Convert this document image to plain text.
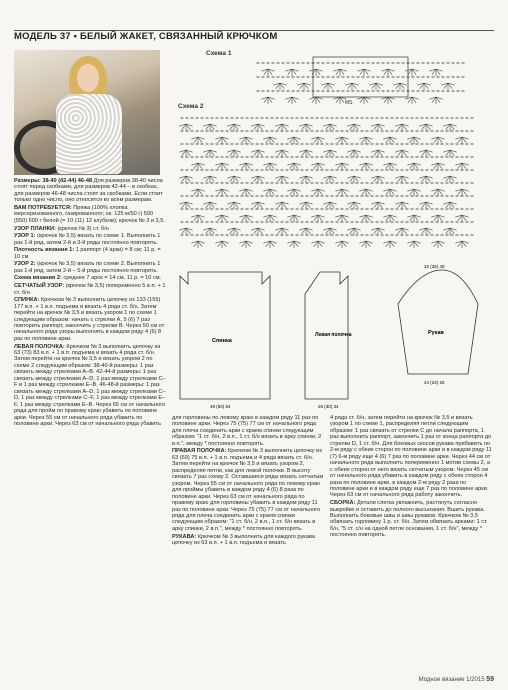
МОДЕЛЬ 37 • БЕЛЫЙ ЖАКЕТ, СВЯЗАННЫЙ КРЮЧКОМ
Схема 1
МS
Схема 2
Спинка
48 (50) 64
Левая полочка
26 (30) 34
Рукав
24 (24) 26
32 (36) 40

Размеры: 38-40 (42-44) 46-48 Для размеров 38-40 числа стоят перед скобками, для размеров 42-44 – в скобках, для размеров 46-48 числа стоят за скобками. Если стоит только одно число, оно относится ко всем размерам.

ВАМ ПОТРЕБУЕТСЯ: Пряжа (100% хлопка мерсеризованного, газированного; ок. 125 м/50 г) 500 (550) 600 г белой (= 10 (11) 12 клубков); крючок № 3 и 3,5.

УЗОР ПЛАНКИ: (крючок № 3) ст. б/н

УЗОР 1: (крючок № 3,5) вязать по схеме 1. Выполнить 1 раз 1-й ряд, затем 2-й и 3-й ряды постоянно повторять.

Плотность вязания 1: 1 раппорт (4 арки) = 8 см; 11 р. = 10 см

УЗОР 2: (крючок № 3,5) вязать по схеме 2. Выполнить 1 раз 1-й ряд, затем 2-й – 5-й ряды постоянно повторять.

Схема вязания 2: среднее 7 арок = 14 см, 11 р. = 10 см.

СЕТЧАТЫЙ УЗОР: (крючок № 3,5) попеременно 5 в.п. + 1 ст. б/н.

СПИНКА: Крючком № 3 выполнить цепочку из 133 (155) 177 в.п. + 1 в.п. подъема и вязать 4 ряда ст. б/н. Затем перейти на крючок № 3,5 и вязать узором 1 по схеме 1 следующим образом: начать с стрелки А, 5 (6) 7 раз повторить раппорт, закончить у стрелки В. Через 50 см от начального ряда узоры выполнять в каждом ряду 4 (6) 8 раз по половине арки.

ЛЕВАЯ ПОЛОЧКА: Крючком № 3 выполнить цепочку из 63 (73) 83 в.п. + 1 в.п. подъема и вязать 4 ряда ст. б/н. Затем перейти на крючок № 3,5 и вязать узором 2 по схеме 2 следующим образом: 38-40-й размеры: 1 раз связать между стрелками А–В. 42-44-й размеры: 1 раз связать между стрелками А–D, 1 раз между стрелками C–F и 1 раз между стрелками E–B. 46-48-й размеры: 1 раз связать между стрелками А–D, 1 раз между стрелками C–D, 1 раз между стрелками C–F, 1 раз между стрелками E–F, 1 раз между стрелками E–B. Через 65 см от начального ряда для пройм по правому краю убавить по половине арки. Через 55 см от начального ряда убавить по половине арки. Через 63 см от начального ряда убавить

для горловины по левому краю в каждом ряду 11 раз по половине арки. Через 75 (75) 77 см от начального ряда для плеча соединить арки с краем спинки следующим образом: "1 ст. б/н, 2 в.п., 1 ст. б/н вязать в арку спинки, 2 в.п.", между * постоянно повторять.

ПРАВАЯ ПОЛОЧКА: Крючком № 3 выполнить цепочку из 63 (69) 75 в.п. + 1 в.п. подъема и 4 ряда вязать ст. б/н. Затем перейти на крючок № 3,5 и вязать узором 2, распределяя петли, как для левой полочки. В высоту связать 7 раз схему 2. Оставшиеся ряды вязать сетчатым узором. Через 55 см от начального ряда по левому краю для проймы убавить в каждом ряду 4 (6) 8 раза по половине арки. Через 63 см от начального ряда по правому краю для горловины убавить в каждом ряду 11 раз по половине арки. Через 75 (75) 77 см от начального ряда для плеча соединить арки с краем спинки следующим образом: "1 ст. б/н, 2 в.п., 1 ст. б/н вязать в арку спинки, 2 в.п.", между * постоянно повторять.

РУКАВА: Крючком № 3 выполнить для каждого рукава цепочку из 63 в.п. + 1 в.п. подъема и вязать

4 ряда ст. б/н, затем перейти на крючок № 3,5 и вязать узором 1 по схеме 1, распределяя петли следующим образом: 1 раз связать от стрелки C до начала раппорта, 1 раз выполнить раппорт, закончить 1 раз от конца раппорта до стрелки D, 1 ст. б/н. Для боковых скосов рукава прибавить по 2-м ряду с обеих сторон по половине арки и в каждом ряду 11 (7) 6-м ряду еще 4 (6) 7 раз по половине арки. Через 44 см от начального ряда выполнить попеременно 1 мотив схемы 2, а с обеих сторон от него вязать сетчатым узором. Через 45 см от начального ряда убавить в каждом ряду с обеих сторон 4 раза по половине арки, в каждом 2-м ряду 2 раза по половине арки и в каждом ряду еще 7 раз по половине арки. Через 63 см от начального ряда работу закончить.

СБОРКА: Детали слегка увлажнить, растянуть согласно выкройке и оставить до полного высыхания. Вшить рукава. Выполнить боковые швы и швы рукавов. Крючком № 3,5 обвязать горловину 1 р. ст. б/н. Затем обвязать арками: 1 ст. б/н, "5 ст. с/н на одной петле основания, 1 ст. б/н", между * постоянно повторять.

Модное вязание 1/2015 59
